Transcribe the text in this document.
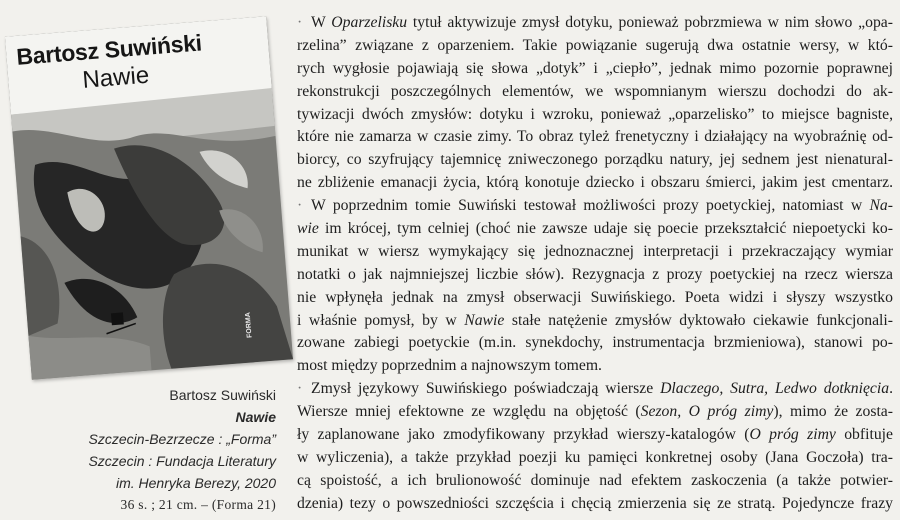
Bartosz Suwiński
Nawie
FORMA
Bartosz Suwiński
Nawie
Szczecin-Bezrzecze : „Forma”
Szczecin : Fundacja Literatury
im. Henryka Berezy, 2020
36 s. ; 21 cm. – (Forma 21)
· W Oparzelisku tytuł aktywizuje zmysł dotyku, ponieważ pobrzmiewa w nim słowo „opa-
rzelina” związane z oparzeniem. Takie powiązanie sugerują dwa ostatnie wersy, w któ-
rych wygłosie pojawiają się słowa „dotyk” i „ciepło”, jednak mimo pozornie poprawnej
rekonstrukcji poszczególnych elementów, we wspomnianym wierszu dochodzi do ak-
tywizacji dwóch zmysłów: dotyku i wzroku, ponieważ „oparzelisko” to miejsce bagniste,
które nie zamarza w czasie zimy. To obraz tyleż frenetyczny i działający na wyobraźnię od-
biorcy, co szyfrujący tajemnicę zniweczonego porządku natury, jej sednem jest nienatural-
ne zbliżenie emanacji życia, którą konotuje dziecko i obszaru śmierci, jakim jest cmentarz.
· W poprzednim tomie Suwiński testował możliwości prozy poetyckiej, natomiast w Na-
wie im krócej, tym celniej (choć nie zawsze udaje się poecie przekształcić niepoetycki ko-
munikat w wiersz wymykający się jednoznacznej interpretacji i przekraczający wymiar
notatki o jak najmniejszej liczbie słów). Rezygnacja z prozy poetyckiej na rzecz wiersza
nie wpłynęła jednak na zmysł obserwacji Suwińskiego. Poeta widzi i słyszy wszystko
i właśnie pomysł, by w Nawie stałe natężenie zmysłów dyktowało ciekawie funkcjonali-
zowane zabiegi poetyckie (m.in. synekdochy, instrumentacja brzmieniowa), stanowi po-
most między poprzednim a najnowszym tomem.
· Zmysł językowy Suwińskiego poświadczają wiersze Dlaczego, Sutra, Ledwo dotknięcia.
Wiersze mniej efektowne ze względu na objętość (Sezon, O próg zimy), mimo że zosta-
ły zaplanowane jako zmodyfikowany przykład wierszy-katalogów (O próg zimy obfituje
w wyliczenia), a także przykład poezji ku pamięci konkretnej osoby (Jana Goczoła) tra-
cą spoistość, a ich brulionowość dominuje nad efektem zaskoczenia (a także potwier-
dzenia) tezy o powszedniości szczęścia i chęcią zmierzenia się ze stratą. Pojedyncze frazy
